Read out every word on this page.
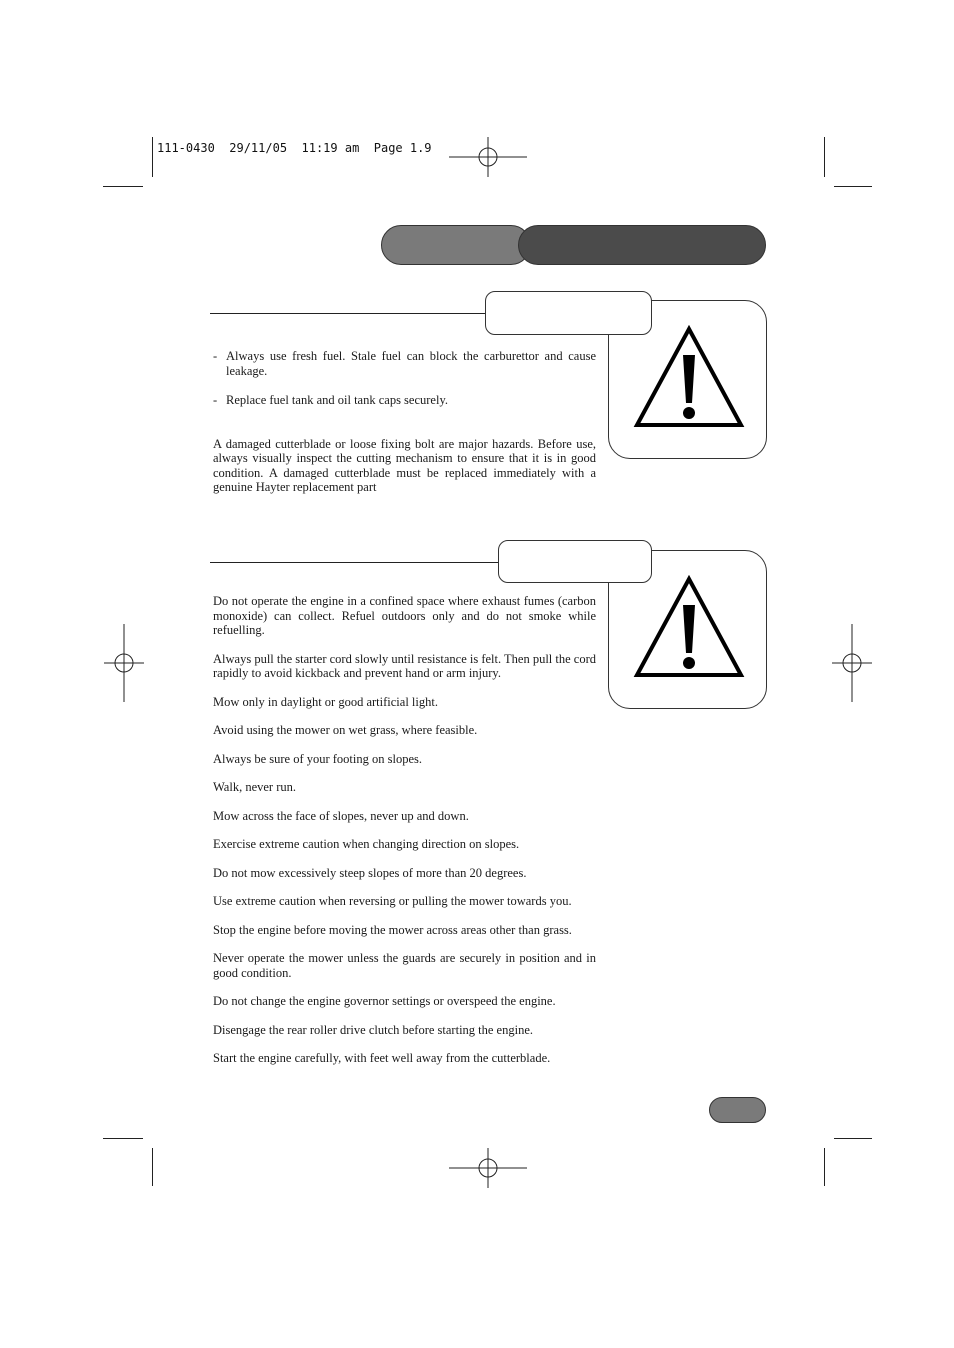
111-0430  29/11/05  11:19 am  Page 1.9
- Always use fresh fuel. Stale fuel can block the carburettor and cause leakage.
- Replace fuel tank and oil tank caps securely.

A damaged cutterblade or loose fixing bolt are major hazards. Before use, always visually inspect the cutting mechanism to ensure that it is in good condition. A damaged cutterblade must be replaced immediately with a genuine Hayter replacement part

Do not operate the engine in a confined space where exhaust fumes (carbon monoxide) can collect. Refuel outdoors only and do not smoke while refuelling.

Always pull the starter cord slowly until resistance is felt. Then pull the cord rapidly to avoid kickback and prevent hand or arm injury.

Mow only in daylight or good artificial light.

Avoid using the mower on wet grass, where feasible.

Always be sure of your footing on slopes.

Walk, never run.

Mow across the face of slopes, never up and down.

Exercise extreme caution when changing direction on slopes.

Do not mow excessively steep slopes of more than 20 degrees.

Use extreme caution when reversing or pulling the mower towards you.

Stop the engine before moving the mower across areas other than grass.

Never operate the mower unless the guards are securely in position and in good condition.

Do not change the engine governor settings or overspeed the engine.

Disengage the rear roller drive clutch before starting the engine.

Start the engine carefully, with feet well away from the cutterblade.
